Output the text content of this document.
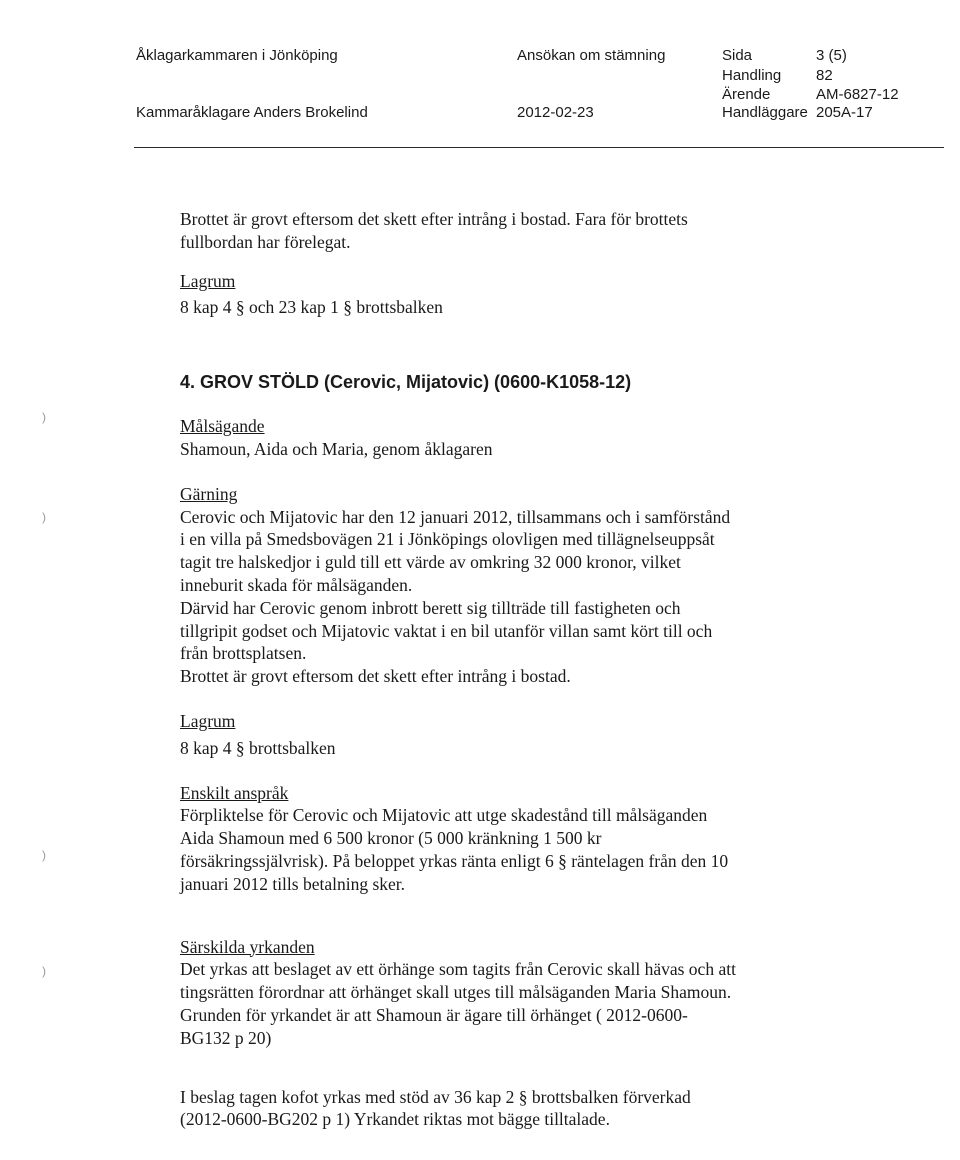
Åklagarkammaren i Jönköping
Kammaråklagare Anders Brokelind
Ansökan om stämning
2012-02-23
Sida
Handling
Ärende
Handläggare
3 (5)
82
AM-6827-12
205A-17
)
)
)
)

Brottet är grovt eftersom det skett efter intrång i bostad. Fara för brottets

fullbordan har förelegat.

Lagrum

8 kap 4 § och 23 kap 1 § brottsbalken

4. GROV STÖLD (Cerovic, Mijatovic) (0600-K1058-12)

Målsägande

Shamoun, Aida och Maria, genom åklagaren

Gärning

Cerovic och Mijatovic har den 12 januari 2012, tillsammans och i samförstånd

i en villa på Smedsbovägen 21 i Jönköpings olovligen med tillägnelseuppsåt

tagit tre halskedjor i guld till ett värde av omkring 32 000 kronor, vilket

inneburit skada för målsäganden.

Därvid har Cerovic genom inbrott berett sig tillträde till fastigheten och

tillgripit godset och Mijatovic vaktat i en bil utanför villan samt kört till och

från brottsplatsen.

Brottet är grovt eftersom det skett efter intrång i bostad.

Lagrum

8 kap 4 § brottsbalken

Enskilt anspråk

Förpliktelse för Cerovic och Mijatovic att utge skadestånd till målsäganden

Aida Shamoun med 6 500 kronor (5 000 kränkning 1 500 kr

försäkringssjälvrisk). På beloppet yrkas ränta enligt 6 § räntelagen från den 10

januari 2012 tills betalning sker.

Särskilda yrkanden

Det yrkas att beslaget av ett örhänge som tagits från Cerovic skall hävas och att

tingsrätten förordnar att örhänget skall utges till målsäganden Maria Shamoun.

Grunden för yrkandet är att Shamoun är ägare till örhänget ( 2012-0600-

BG132 p 20)

I beslag tagen kofot yrkas med stöd av 36 kap 2 § brottsbalken förverkad

(2012-0600-BG202 p 1) Yrkandet riktas mot bägge tilltalade.
